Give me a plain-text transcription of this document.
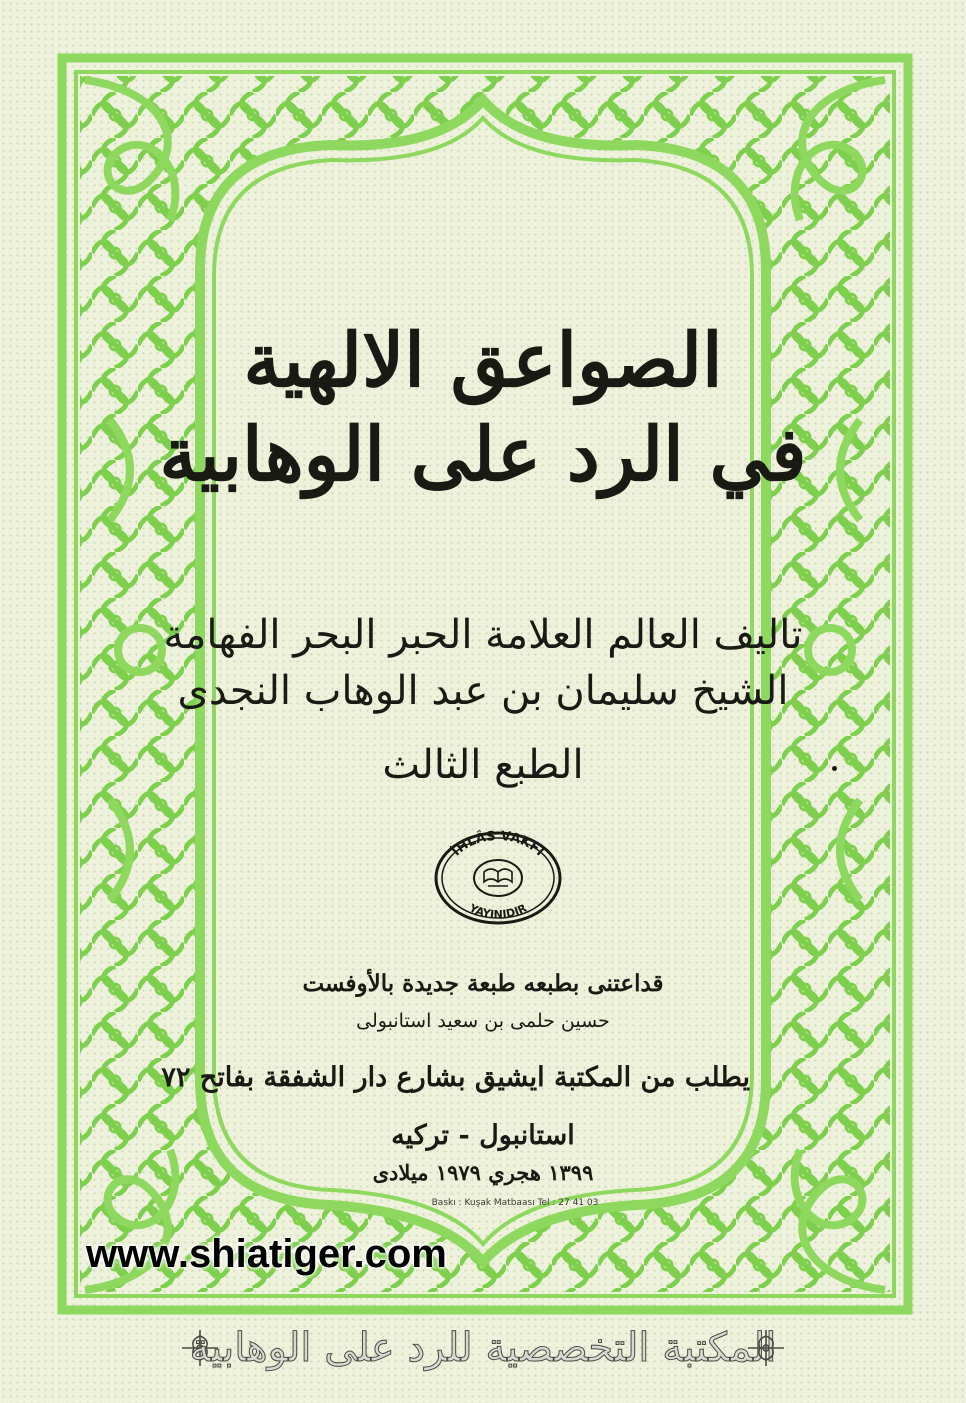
الصواعق الالهية
في الرد على الوهابية
تاليف العالم العلامة الحبر البحر الفهامة
الشيخ سليمان بن عبد الوهاب النجدى
الطبع الثالث
İHLÂS VAKFI
YAYINIDIR
قداعتنى بطبعه طبعة جديدة بالأوفست
حسين حلمى بن سعيد استانبولى
يطلب من المكتبة ايشيق بشارع دار الشفقة بفاتح ٧٢
استانبول - تركيه
١٣٩٩ هجري ١٩٧٩ ميلادى
Baskı : Kuşak Matbaası Tel : 27 41 03
www.shiatiger.com
المكتبة التخصصية للرد على الوهابية
